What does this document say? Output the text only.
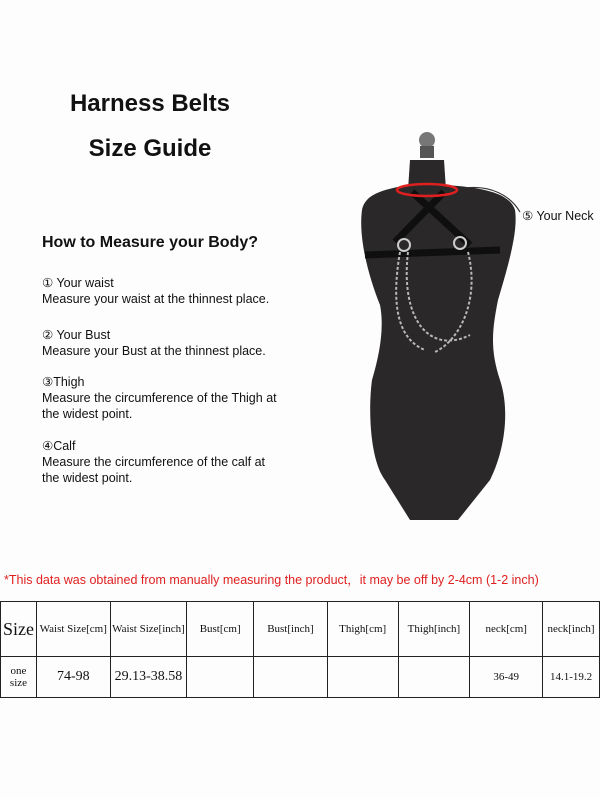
Harness Belts
Size Guide
How to Measure your Body?
① Your waist
Measure your waist at the thinnest place.
② Your Bust
Measure your Bust at the thinnest place.
③Thigh
Measure the circumference of the Thigh at the widest point.
④Calf
Measure the circumference of the calf at the widest point.
⑤ Your Neck
*This data was obtained from manually measuring the product，it may be off by 2-4cm (1-2 inch)
Size	Waist Size[cm]	Waist Size[inch]	Bust[cm]	Bust[inch]	Thigh[cm]	Thigh[inch]	neck[cm]	neck[inch]
one size	74-98	29.13-38.58					36-49	14.1-19.2
